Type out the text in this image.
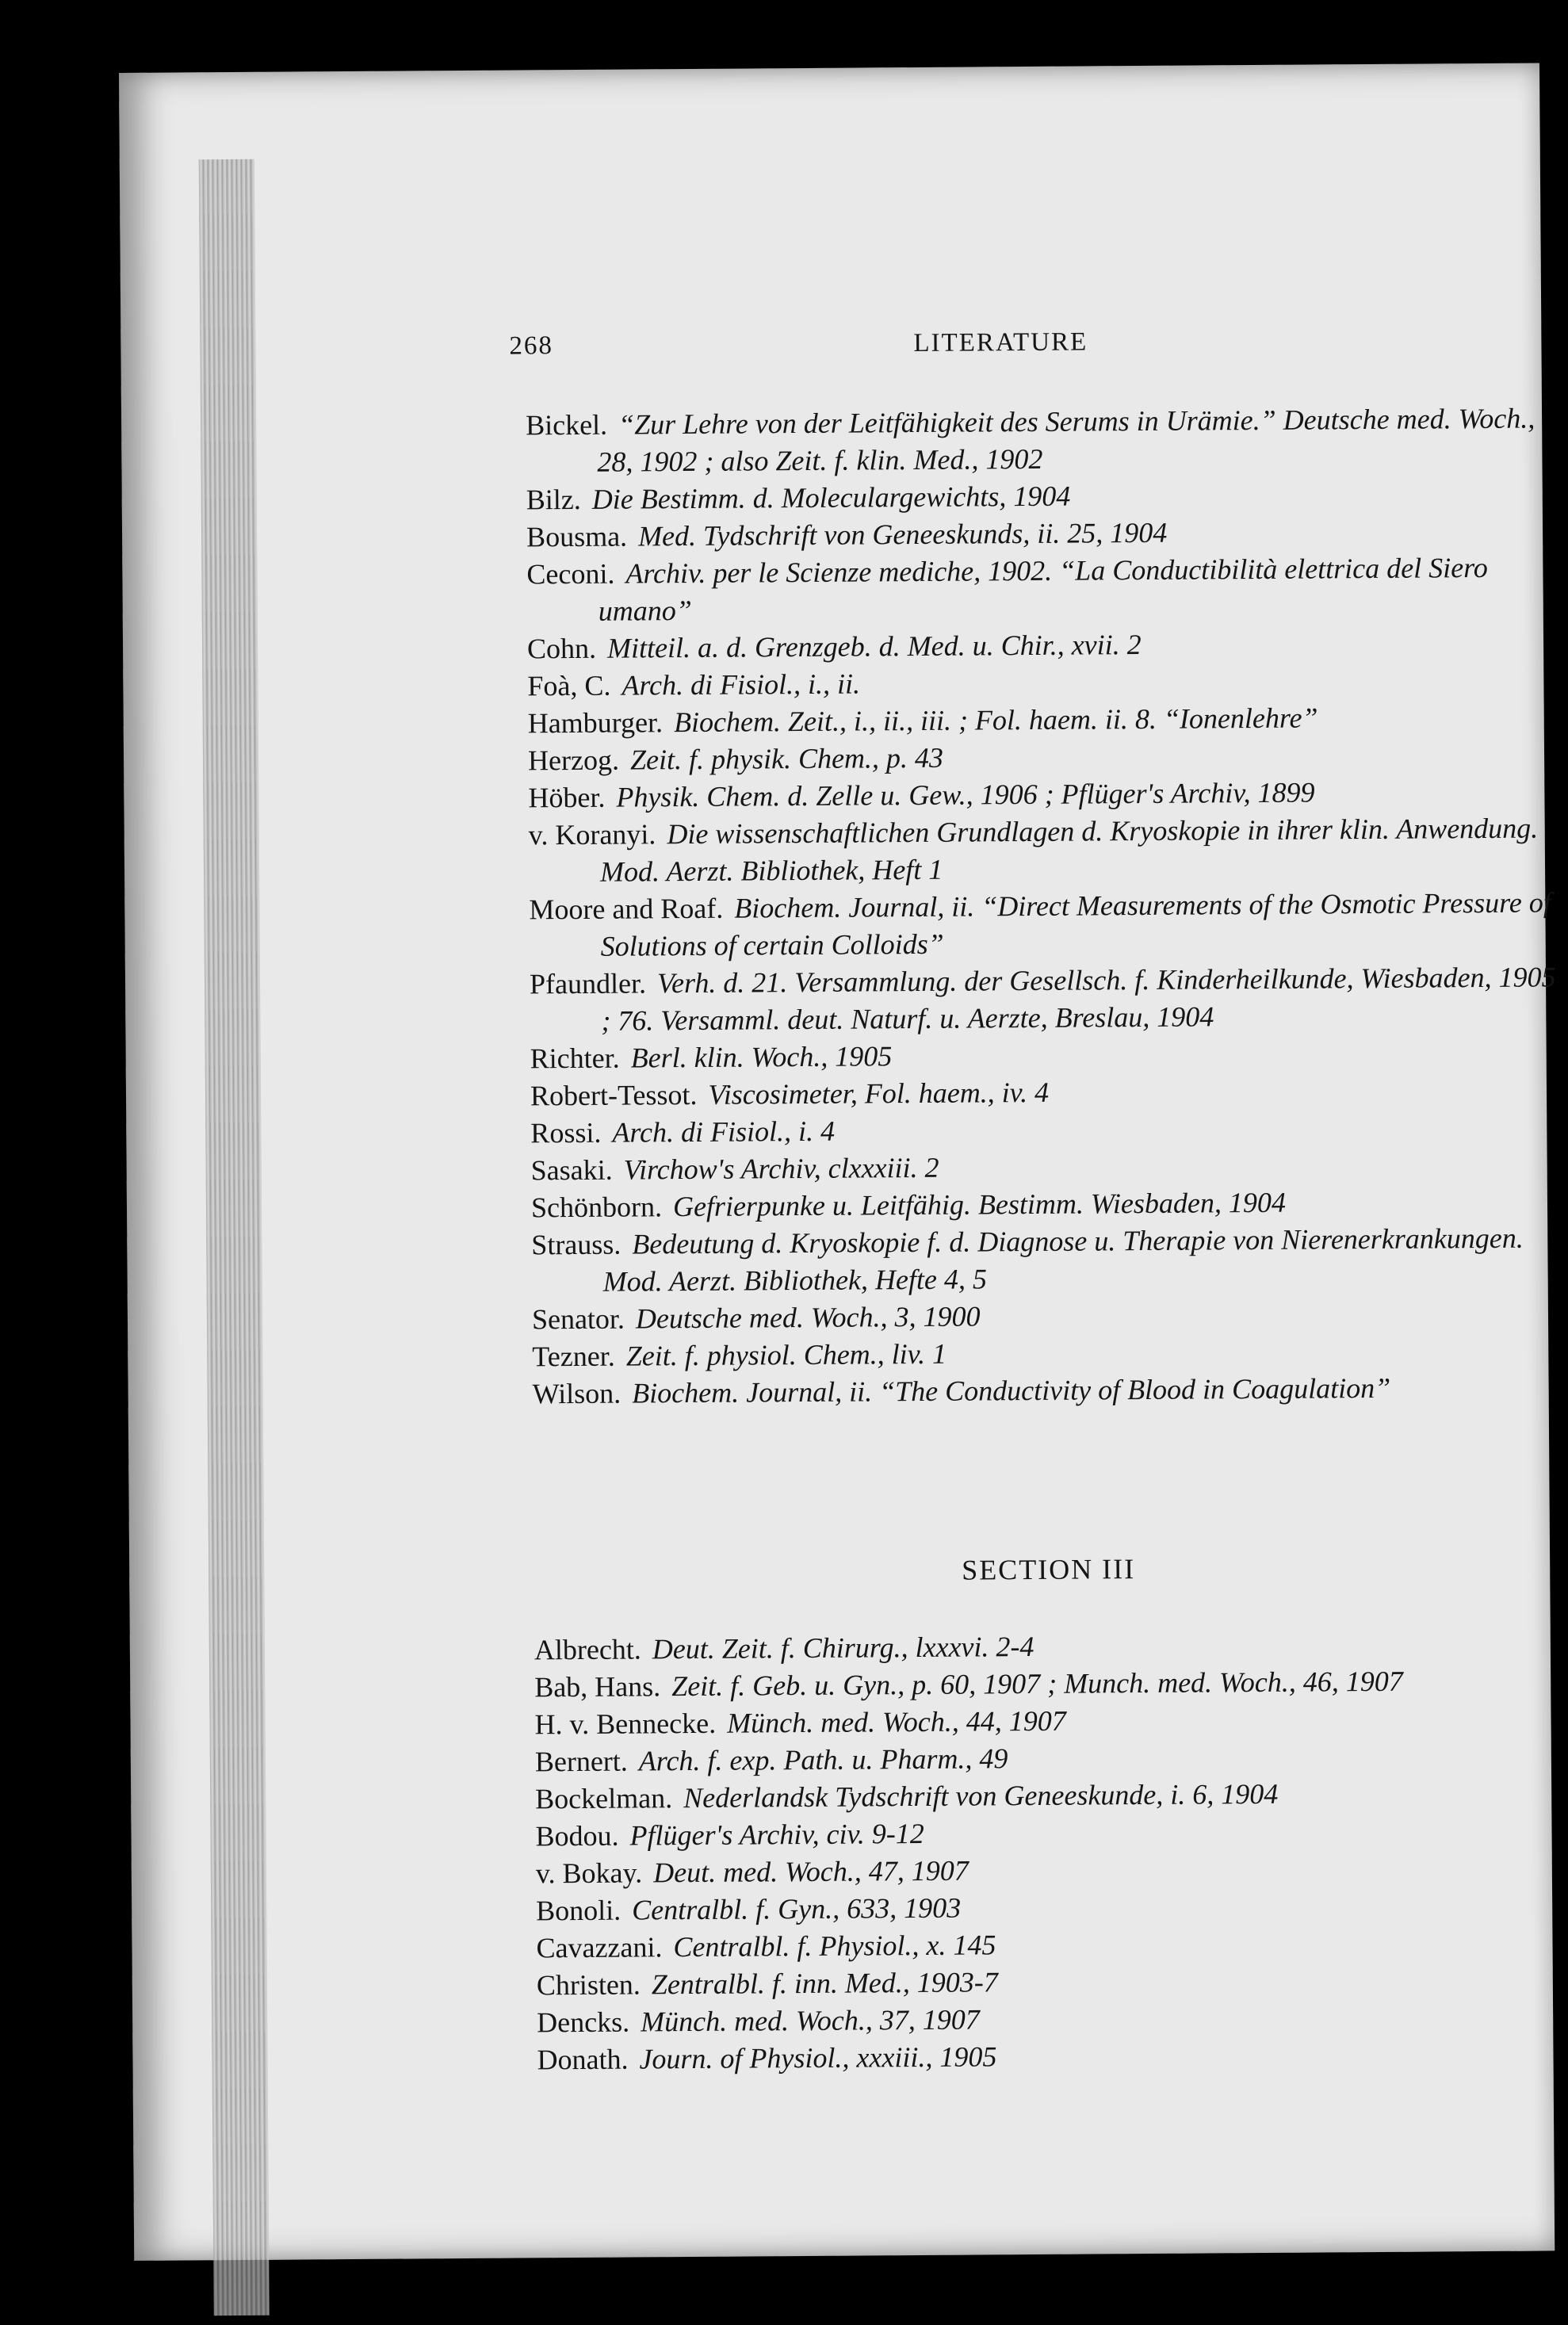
268	LITERATURE
Bickel. “Zur Lehre von der Leitfähigkeit des Serums in Urämie.” Deutsche med. Woch., 28, 1902 ; also Zeit. f. klin. Med., 1902
Bilz. Die Bestimm. d. Moleculargewichts, 1904
Bousma. Med. Tydschrift von Geneeskunds, ii. 25, 1904
Ceconi. Archiv. per le Scienze mediche, 1902. “La Conductibilità elettrica del Siero umano”
Cohn. Mitteil. a. d. Grenzgeb. d. Med. u. Chir., xvii. 2
Foà, C. Arch. di Fisiol., i., ii.
Hamburger. Biochem. Zeit., i., ii., iii. ; Fol. haem. ii. 8. “Ionenlehre”
Herzog. Zeit. f. physik. Chem., p. 43
Höber. Physik. Chem. d. Zelle u. Gew., 1906 ; Pflüger's Archiv, 1899
v. Koranyi. Die wissenschaftlichen Grundlagen d. Kryoskopie in ihrer klin. Anwendung. Mod. Aerzt. Bibliothek, Heft 1
Moore and Roaf. Biochem. Journal, ii. “Direct Measurements of the Osmotic Pressure of Solutions of certain Colloids”
Pfaundler. Verh. d. 21. Versammlung. der Gesellsch. f. Kinderheilkunde, Wiesbaden, 1905 ; 76. Versamml. deut. Naturf. u. Aerzte, Breslau, 1904
Richter. Berl. klin. Woch., 1905
Robert-Tessot. Viscosimeter, Fol. haem., iv. 4
Rossi. Arch. di Fisiol., i. 4
Sasaki. Virchow's Archiv, clxxxiii. 2
Schönborn. Gefrierpunke u. Leitfähig. Bestimm. Wiesbaden, 1904
Strauss. Bedeutung d. Kryoskopie f. d. Diagnose u. Therapie von Nierenerkrankungen. Mod. Aerzt. Bibliothek, Hefte 4, 5
Senator. Deutsche med. Woch., 3, 1900
Tezner. Zeit. f. physiol. Chem., liv. 1
Wilson. Biochem. Journal, ii. “The Conductivity of Blood in Coagulation”
SECTION III
Albrecht. Deut. Zeit. f. Chirurg., lxxxvi. 2-4
Bab, Hans. Zeit. f. Geb. u. Gyn., p. 60, 1907 ; Munch. med. Woch., 46, 1907
H. v. Bennecke. Münch. med. Woch., 44, 1907
Bernert. Arch. f. exp. Path. u. Pharm., 49
Bockelman. Nederlandsk Tydschrift von Geneeskunde, i. 6, 1904
Bodou. Pflüger's Archiv, civ. 9-12
v. Bokay. Deut. med. Woch., 47, 1907
Bonoli. Centralbl. f. Gyn., 633, 1903
Cavazzani. Centralbl. f. Physiol., x. 145
Christen. Zentralbl. f. inn. Med., 1903-7
Dencks. Münch. med. Woch., 37, 1907
Donath. Journ. of Physiol., xxxiii., 1905
